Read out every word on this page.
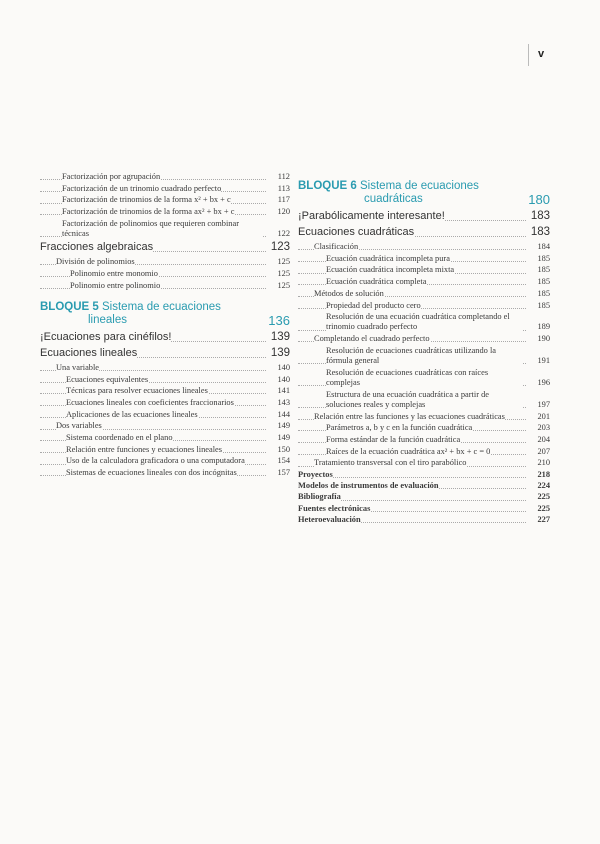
v
Factorización por agrupación	112
Factorización de un trinomio cuadrado perfecto	113
Factorización de trinomios de la forma x² + bx + c	117
Factorización de trinomios de la forma ax² + bx + c	120
Factorización de polinomios que requieren combinar técnicas	122
Fracciones algebraicas	123
División de polinomios	125
Polinomio entre monomio	125
Polinomio entre polinomio	125
BLOQUE 5 Sistema de ecuaciones
lineales	136
¡Ecuaciones para cinéfilos!	139
Ecuaciones lineales	139
Una variable	140
Ecuaciones equivalentes	140
Técnicas para resolver ecuaciones lineales	141
Ecuaciones lineales con coeficientes fraccionarios	143
Aplicaciones de las ecuaciones lineales	144
Dos variables	149
Sistema coordenado en el plano	149
Relación entre funciones y ecuaciones lineales	150
Uso de la calculadora graficadora o una computadora	154
Sistemas de ecuaciones lineales con dos incógnitas	157
BLOQUE 6 Sistema de ecuaciones
cuadráticas	180
¡Parabólicamente interesante!	183
Ecuaciones cuadráticas	183
Clasificación	184
Ecuación cuadrática incompleta pura	185
Ecuación cuadrática incompleta mixta	185
Ecuación cuadrática completa	185
Métodos de solución	185
Propiedad del producto cero	185
Resolución de una ecuación cuadrática completando el trinomio cuadrado perfecto	189
Completando el cuadrado perfecto	190
Resolución de ecuaciones cuadráticas utilizando la fórmula general	191
Resolución de ecuaciones cuadráticas con raíces complejas	196
Estructura de una ecuación cuadrática a partir de soluciones reales y complejas	197
Relación entre las funciones y las ecuaciones cuadráticas	201
Parámetros a, b y c en la función cuadrática	203
Forma estándar de la función cuadrática	204
Raíces de la ecuación cuadrática ax² + bx + c = 0	207
Tratamiento transversal con el tiro parabólico	210
Proyectos	218
Modelos de instrumentos de evaluación	224
Bibliografía	225
Fuentes electrónicas	225
Heteroevaluación	227
